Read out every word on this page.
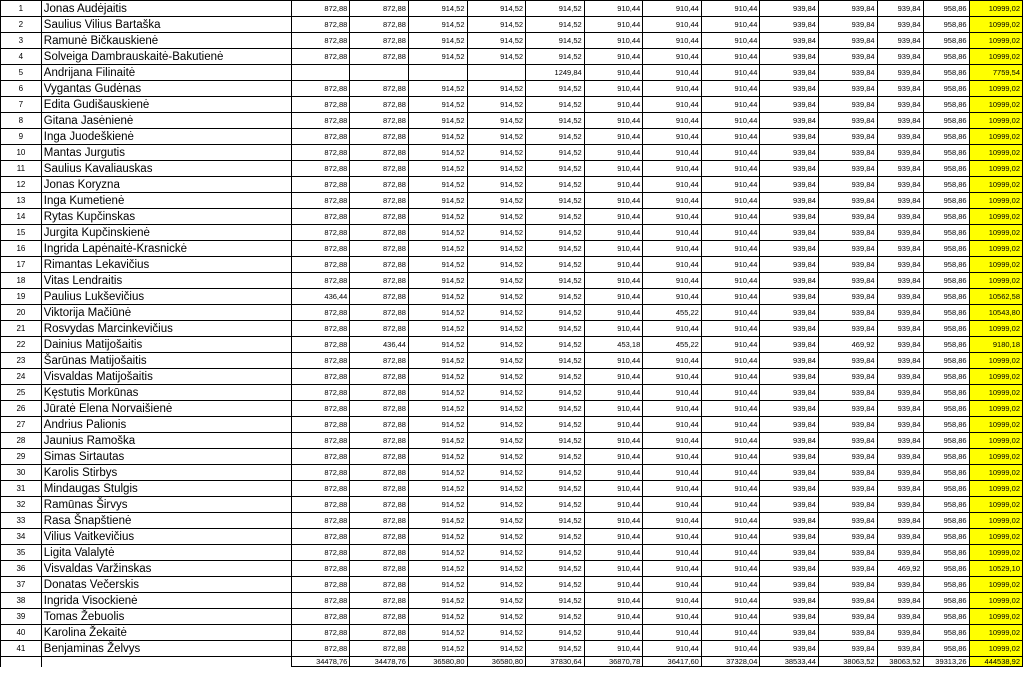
1	Jonas Audėjaitis	872,88	872,88	914,52	914,52	914,52	910,44	910,44	910,44	939,84	939,84	939,84	958,86	10999,02
2	Saulius Vilius Bartaška	872,88	872,88	914,52	914,52	914,52	910,44	910,44	910,44	939,84	939,84	939,84	958,86	10999,02
3	Ramunė Bičkauskienė	872,88	872,88	914,52	914,52	914,52	910,44	910,44	910,44	939,84	939,84	939,84	958,86	10999,02
4	Solveiga Dambrauskaitė-Bakutienė	872,88	872,88	914,52	914,52	914,52	910,44	910,44	910,44	939,84	939,84	939,84	958,86	10999,02
5	Andrijana Filinaitė					1249,84	910,44	910,44	910,44	939,84	939,84	939,84	958,86	7759,54
6	Vygantas Gudėnas	872,88	872,88	914,52	914,52	914,52	910,44	910,44	910,44	939,84	939,84	939,84	958,86	10999,02
7	Edita Gudišauskienė	872,88	872,88	914,52	914,52	914,52	910,44	910,44	910,44	939,84	939,84	939,84	958,86	10999,02
8	Gitana Jasėnienė	872,88	872,88	914,52	914,52	914,52	910,44	910,44	910,44	939,84	939,84	939,84	958,86	10999,02
9	Inga Juodeškienė	872,88	872,88	914,52	914,52	914,52	910,44	910,44	910,44	939,84	939,84	939,84	958,86	10999,02
10	Mantas Jurgutis	872,88	872,88	914,52	914,52	914,52	910,44	910,44	910,44	939,84	939,84	939,84	958,86	10999,02
11	Saulius Kavaliauskas	872,88	872,88	914,52	914,52	914,52	910,44	910,44	910,44	939,84	939,84	939,84	958,86	10999,02
12	Jonas Koryzna	872,88	872,88	914,52	914,52	914,52	910,44	910,44	910,44	939,84	939,84	939,84	958,86	10999,02
13	Inga Kumetienė	872,88	872,88	914,52	914,52	914,52	910,44	910,44	910,44	939,84	939,84	939,84	958,86	10999,02
14	Rytas Kupčinskas	872,88	872,88	914,52	914,52	914,52	910,44	910,44	910,44	939,84	939,84	939,84	958,86	10999,02
15	Jurgita Kupčinskienė	872,88	872,88	914,52	914,52	914,52	910,44	910,44	910,44	939,84	939,84	939,84	958,86	10999,02
16	Ingrida Lapėnaitė-Krasnickė	872,88	872,88	914,52	914,52	914,52	910,44	910,44	910,44	939,84	939,84	939,84	958,86	10999,02
17	Rimantas Lekavičius	872,88	872,88	914,52	914,52	914,52	910,44	910,44	910,44	939,84	939,84	939,84	958,86	10999,02
18	Vitas Lendraitis	872,88	872,88	914,52	914,52	914,52	910,44	910,44	910,44	939,84	939,84	939,84	958,86	10999,02
19	Paulius Lukševičius	436,44	872,88	914,52	914,52	914,52	910,44	910,44	910,44	939,84	939,84	939,84	958,86	10562,58
20	Viktorija Mačiūnė	872,88	872,88	914,52	914,52	914,52	910,44	455,22	910,44	939,84	939,84	939,84	958,86	10543,80
21	Rosvydas Marcinkevičius	872,88	872,88	914,52	914,52	914,52	910,44	910,44	910,44	939,84	939,84	939,84	958,86	10999,02
22	Dainius Matijošaitis	872,88	436,44	914,52	914,52	914,52	453,18	455,22	910,44	939,84	469,92	939,84	958,86	9180,18
23	Šarūnas Matijošaitis	872,88	872,88	914,52	914,52	914,52	910,44	910,44	910,44	939,84	939,84	939,84	958,86	10999,02
24	Visvaldas Matijošaitis	872,88	872,88	914,52	914,52	914,52	910,44	910,44	910,44	939,84	939,84	939,84	958,86	10999,02
25	Kęstutis Morkūnas	872,88	872,88	914,52	914,52	914,52	910,44	910,44	910,44	939,84	939,84	939,84	958,86	10999,02
26	Jūratė Elena Norvaišienė	872,88	872,88	914,52	914,52	914,52	910,44	910,44	910,44	939,84	939,84	939,84	958,86	10999,02
27	Andrius Palionis	872,88	872,88	914,52	914,52	914,52	910,44	910,44	910,44	939,84	939,84	939,84	958,86	10999,02
28	Jaunius Ramoška	872,88	872,88	914,52	914,52	914,52	910,44	910,44	910,44	939,84	939,84	939,84	958,86	10999,02
29	Simas Sirtautas	872,88	872,88	914,52	914,52	914,52	910,44	910,44	910,44	939,84	939,84	939,84	958,86	10999,02
30	Karolis Stirbys	872,88	872,88	914,52	914,52	914,52	910,44	910,44	910,44	939,84	939,84	939,84	958,86	10999,02
31	Mindaugas Stulgis	872,88	872,88	914,52	914,52	914,52	910,44	910,44	910,44	939,84	939,84	939,84	958,86	10999,02
32	Ramūnas Širvys	872,88	872,88	914,52	914,52	914,52	910,44	910,44	910,44	939,84	939,84	939,84	958,86	10999,02
33	Rasa Šnapštienė	872,88	872,88	914,52	914,52	914,52	910,44	910,44	910,44	939,84	939,84	939,84	958,86	10999,02
34	Vilius Vaitkevičius	872,88	872,88	914,52	914,52	914,52	910,44	910,44	910,44	939,84	939,84	939,84	958,86	10999,02
35	Ligita Valalytė	872,88	872,88	914,52	914,52	914,52	910,44	910,44	910,44	939,84	939,84	939,84	958,86	10999,02
36	Visvaldas Varžinskas	872,88	872,88	914,52	914,52	914,52	910,44	910,44	910,44	939,84	939,84	469,92	958,86	10529,10
37	Donatas Večerskis	872,88	872,88	914,52	914,52	914,52	910,44	910,44	910,44	939,84	939,84	939,84	958,86	10999,02
38	Ingrida Visockienė	872,88	872,88	914,52	914,52	914,52	910,44	910,44	910,44	939,84	939,84	939,84	958,86	10999,02
39	Tomas Žebuolis	872,88	872,88	914,52	914,52	914,52	910,44	910,44	910,44	939,84	939,84	939,84	958,86	10999,02
40	Karolina Žekaitė	872,88	872,88	914,52	914,52	914,52	910,44	910,44	910,44	939,84	939,84	939,84	958,86	10999,02
41	Benjaminas Želvys	872,88	872,88	914,52	914,52	914,52	910,44	910,44	910,44	939,84	939,84	939,84	958,86	10999,02
		34478,76	34478,76	36580,80	36580,80	37830,64	36870,78	36417,60	37328,04	38533,44	38063,52	38063,52	39313,26	444538,92
